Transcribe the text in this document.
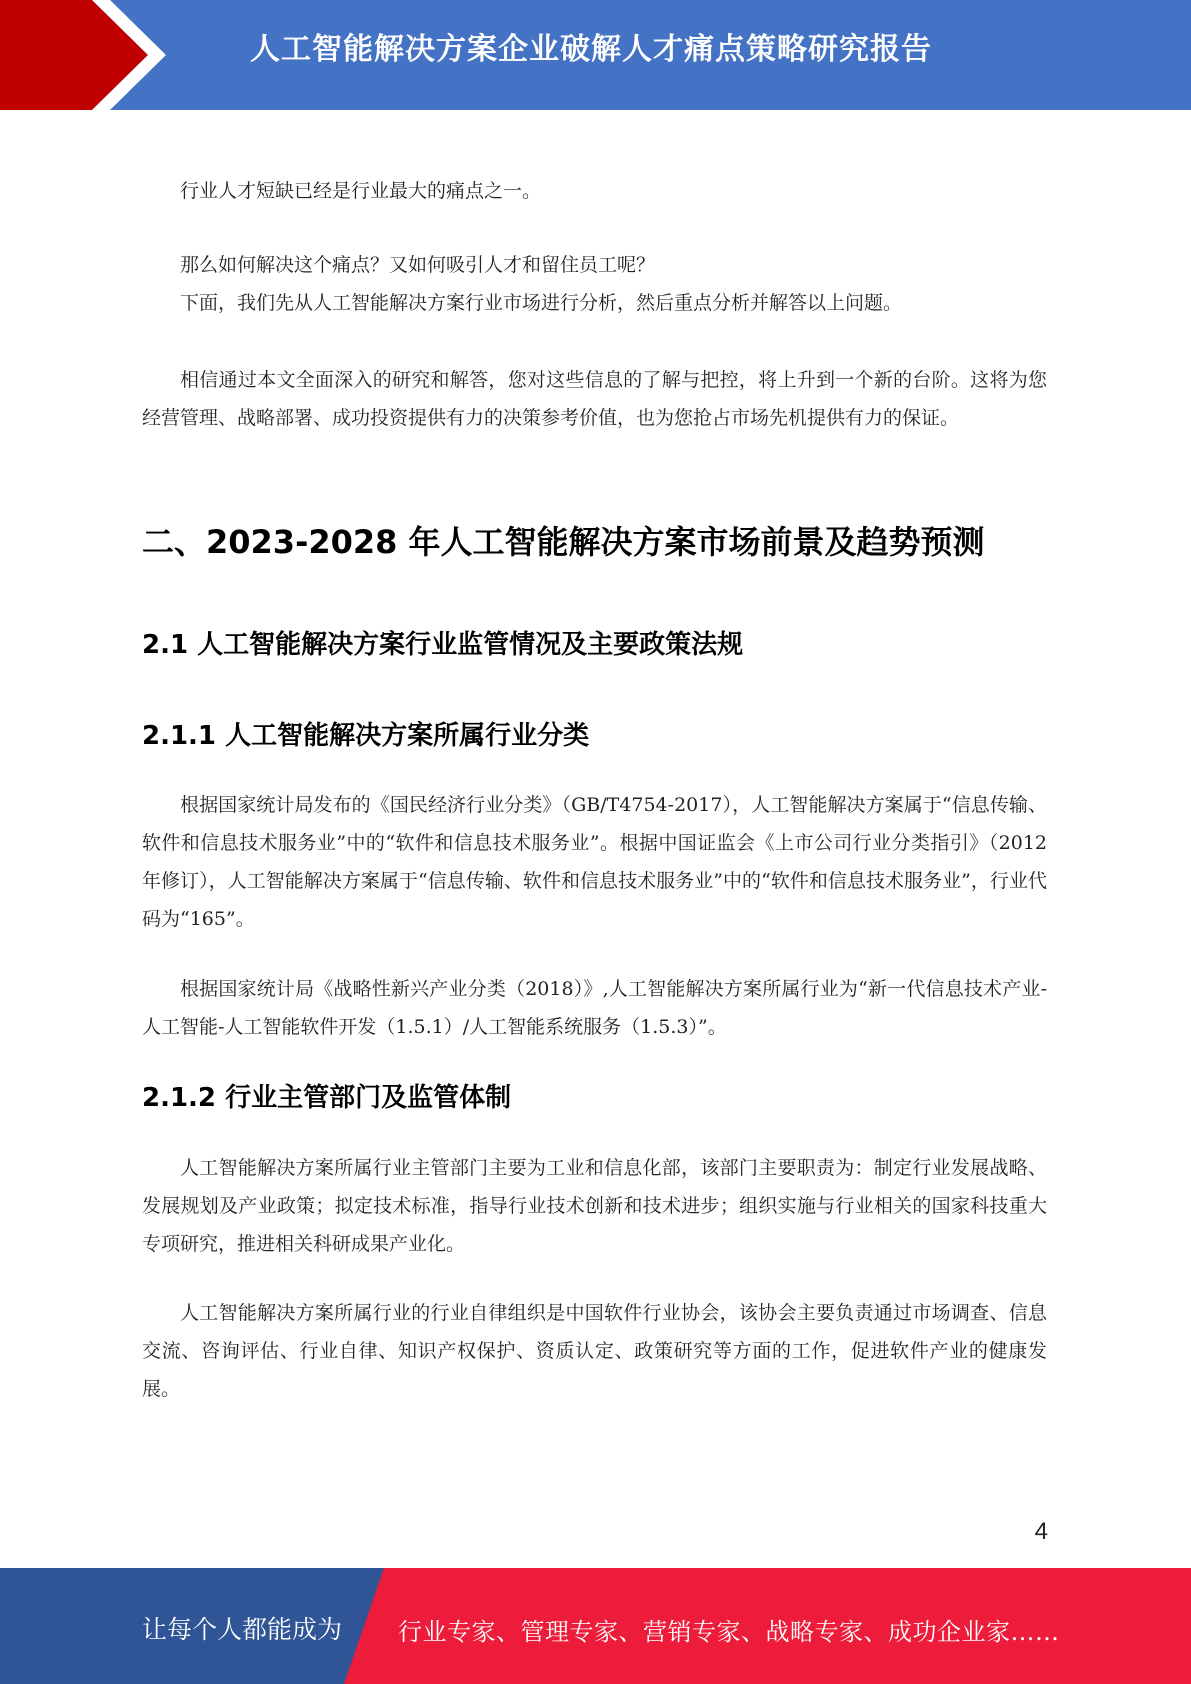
人工智能解决方案企业破解人才痛点策略研究报告

行业人才短缺已经是行业最大的痛点之一。

那么如何解决这个痛点？又如何吸引人才和留住员工呢？

下面，我们先从人工智能解决方案行业市场进行分析，然后重点分析并解答以上问题。

相信通过本文全面深入的研究和解答，您对这些信息的了解与把控，将上升到一个新的台阶。这将为您经营管理、战略部署、成功投资提供有力的决策参考价值，也为您抢占市场先机提供有力的保证。

二、2023-2028 年人工智能解决方案市场前景及趋势预测
2.1 人工智能解决方案行业监管情况及主要政策法规
2.1.1 人工智能解决方案所属行业分类

根据国家统计局发布的《国民经济行业分类》（GB/T4754-2017），人工智能解决方案属于“信息传输、软件和信息技术服务业”中的“软件和信息技术服务业”。根据中国证监会《上市公司行业分类指引》（2012 年修订），人工智能解决方案属于“信息传输、软件和信息技术服务业”中的“软件和信息技术服务业”，行业代码为“165”。

根据国家统计局《战略性新兴产业分类（2018）》,人工智能解决方案所属行业为“新一代信息技术产业-人工智能-人工智能软件开发（1.5.1）/人工智能系统服务（1.5.3）”。

2.1.2 行业主管部门及监管体制

人工智能解决方案所属行业主管部门主要为工业和信息化部，该部门主要职责为：制定行业发展战略、发展规划及产业政策；拟定技术标准，指导行业技术创新和技术进步；组织实施与行业相关的国家科技重大专项研究，推进相关科研成果产业化。

人工智能解决方案所属行业的行业自律组织是中国软件行业协会，该协会主要负责通过市场调查、信息交流、咨询评估、行业自律、知识产权保护、资质认定、政策研究等方面的工作，促进软件产业的健康发展。

4
让每个人都能成为 行业专家、管理专家、营销专家、战略专家、成功企业家……
